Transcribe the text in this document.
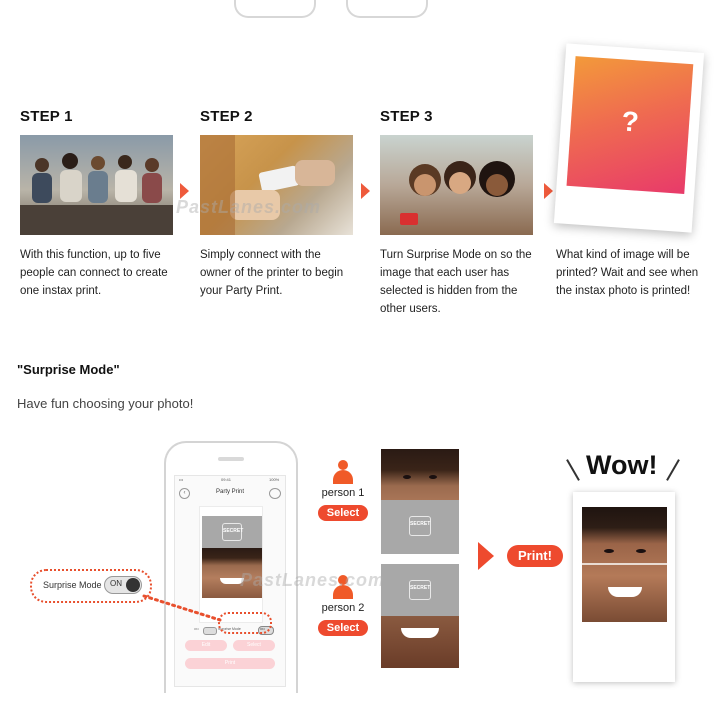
STEP 1
With this function, up to five
people can connect to create
one instax print.
STEP 2
Simply connect with the
owner of the printer to begin
your Party Print.
STEP 3
Turn Surprise Mode on so the
image that each user has
selected is hidden from the
other users.
?
What kind of image will be
printed? Wait and see when
the instax photo is printed!
"Surprise Mode"
Have fun choosing your photo!
•••	09:41	100%
‹	Party Print
SECRET
ON	Surprise Mode	ON
Edit	Select
Print
Surprise Mode ON
person 1
Select
person 2
Select
SECRET
SECRET
Print!
Wow!
PastLanes.com
PastLanes.com
